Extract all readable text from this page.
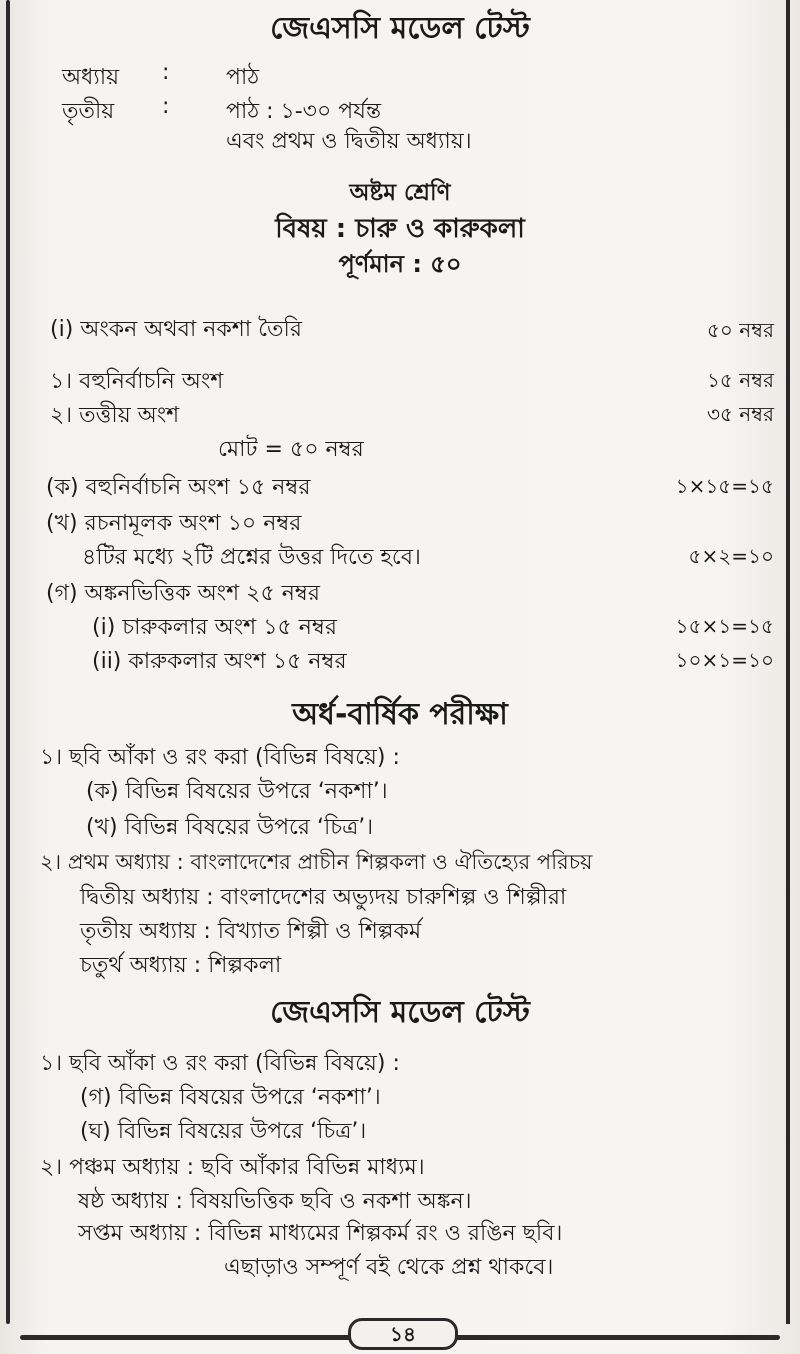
জেএসসি মডেল টেস্ট
অধ্যায় :	পাঠ
তৃতীয় :	পাঠ : ১-৩০ পর্যন্ত
এবং প্রথম ও দ্বিতীয় অধ্যায়।
অষ্টম শ্রেণি
বিষয় : চারু ও কারুকলা
পূর্ণমান : ৫০
(i) অংকন অথবা নকশা তৈরি	৫০ নম্বর
১। বহুনির্বাচনি অংশ	১৫ নম্বর
২। তত্তীয় অংশ	৩৫ নম্বর
মোট = ৫০ নম্বর
(ক) বহুনির্বাচনি অংশ ১৫ নম্বর	১×১৫=১৫
(খ) রচনামূলক অংশ ১০ নম্বর
৪টির মধ্যে ২টি প্রশ্নের উত্তর দিতে হবে।	৫×২=১০
(গ) অঙ্কনভিত্তিক অংশ ২৫ নম্বর
(i) চারুকলার অংশ ১৫ নম্বর	১৫×১=১৫
(ii) কারুকলার অংশ ১৫ নম্বর	১০×১=১০
অর্ধ-বার্ষিক পরীক্ষা
১। ছবি আঁকা ও রং করা (বিভিন্ন বিষয়ে) :
(ক) বিভিন্ন বিষয়ের উপরে ‘নকশা’।
(খ) বিভিন্ন বিষয়ের উপরে ‘চিত্র’।
২। প্রথম অধ্যায় : বাংলাদেশের প্রাচীন শিল্পকলা ও ঐতিহ্যের পরিচয়
দ্বিতীয় অধ্যায় : বাংলাদেশের অভ্যুদয় চারুশিল্প ও শিল্পীরা
তৃতীয় অধ্যায় : বিখ্যাত শিল্পী ও শিল্পকর্ম
চতুর্থ অধ্যায় : শিল্পকলা
জেএসসি মডেল টেস্ট
১। ছবি আঁকা ও রং করা (বিভিন্ন বিষয়ে) :
(গ) বিভিন্ন বিষয়ের উপরে ‘নকশা’।
(ঘ) বিভিন্ন বিষয়ের উপরে ‘চিত্র’।
২। পঞ্চম অধ্যায় : ছবি আঁকার বিভিন্ন মাধ্যম।
ষষ্ঠ অধ্যায় : বিষয়ভিত্তিক ছবি ও নকশা অঙ্কন।
সপ্তম অধ্যায় : বিভিন্ন মাধ্যমের শিল্পকর্ম রং ও রঙিন ছবি।
এছাড়াও সম্পূর্ণ বই থেকে প্রশ্ন থাকবে।
১৪
